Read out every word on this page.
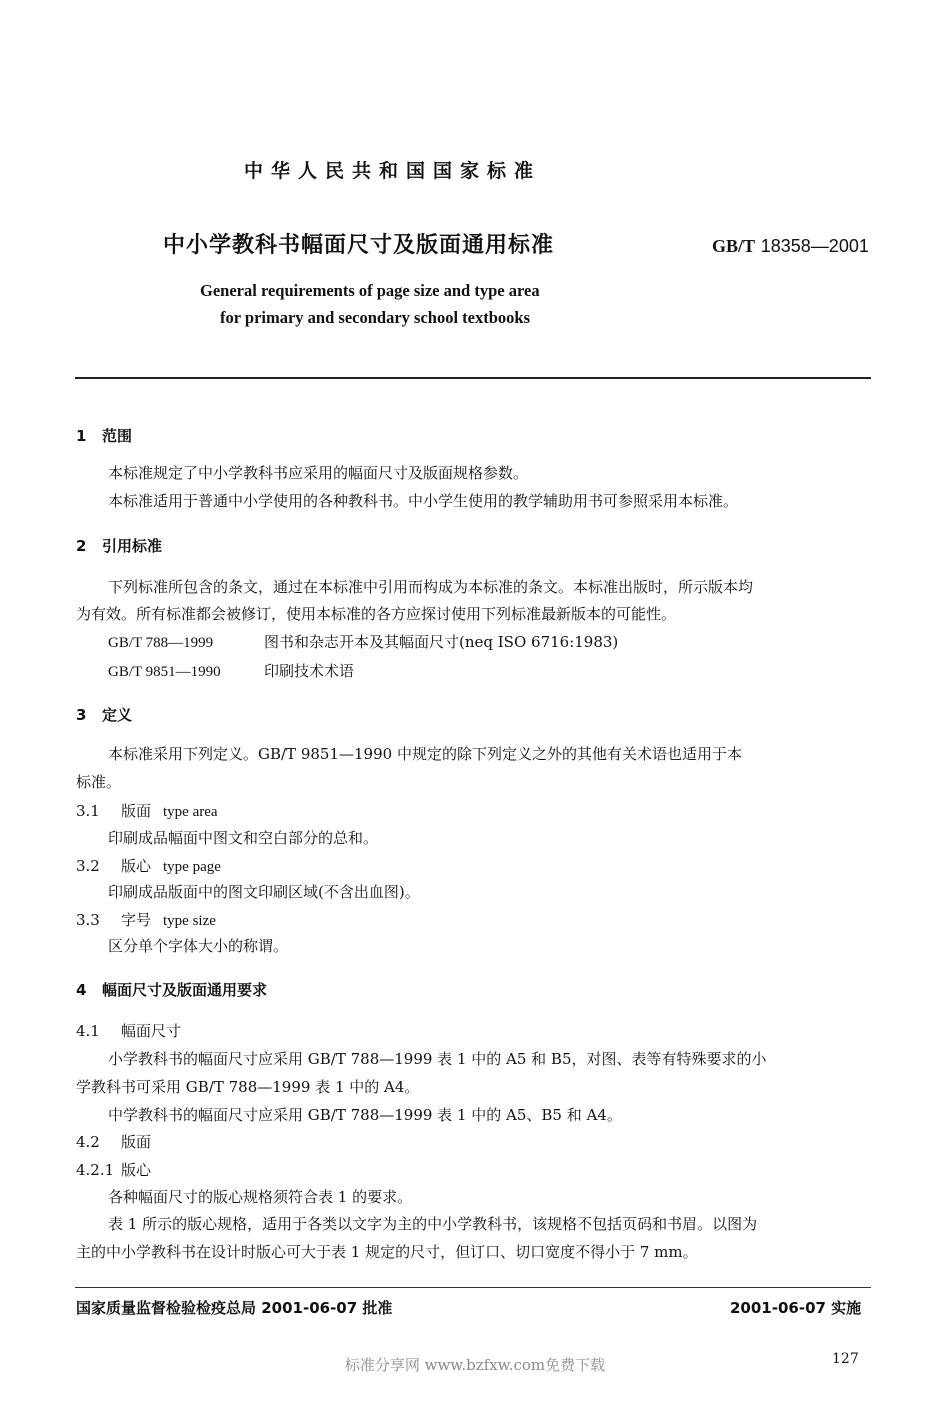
中华人民共和国国家标准
中小学教科书幅面尺寸及版面通用标准	GB/T 18358—2001
General requirements of page size and type area
for primary and secondary school textbooks
1 范围
本标准规定了中小学教科书应采用的幅面尺寸及版面规格参数。
本标准适用于普通中小学使用的各种教科书。中小学生使用的教学辅助用书可参照采用本标准。
2 引用标准
下列标准所包含的条文，通过在本标准中引用而构成为本标准的条文。本标准出版时，所示版本均
为有效。所有标准都会被修订，使用本标准的各方应探讨使用下列标准最新版本的可能性。
GB/T 788—1999	图书和杂志开本及其幅面尺寸(neq ISO 6716:1983)
GB/T 9851—1990	印刷技术术语
3 定义
本标准采用下列定义。GB/T 9851—1990 中规定的除下列定义之外的其他有关术语也适用于本
标准。
3.1 版面 type area
印刷成品幅面中图文和空白部分的总和。
3.2 版心 type page
印刷成品版面中的图文印刷区域(不含出血图)。
3.3 字号 type size
区分单个字体大小的称谓。
4 幅面尺寸及版面通用要求
4.1 幅面尺寸
小学教科书的幅面尺寸应采用 GB/T 788—1999 表 1 中的 A5 和 B5，对图、表等有特殊要求的小
学教科书可采用 GB/T 788—1999 表 1 中的 A4。
中学教科书的幅面尺寸应采用 GB/T 788—1999 表 1 中的 A5、B5 和 A4。
4.2 版面
4.2.1 版心
各种幅面尺寸的版心规格须符合表 1 的要求。
表 1 所示的版心规格，适用于各类以文字为主的中小学教科书，该规格不包括页码和书眉。以图为
主的中小学教科书在设计时版心可大于表 1 规定的尺寸，但订口、切口宽度不得小于 7 mm。
国家质量监督检验检疫总局 2001-06-07 批准	2001-06-07 实施
标准分享网 www.bzfxw.com免费下载	127
